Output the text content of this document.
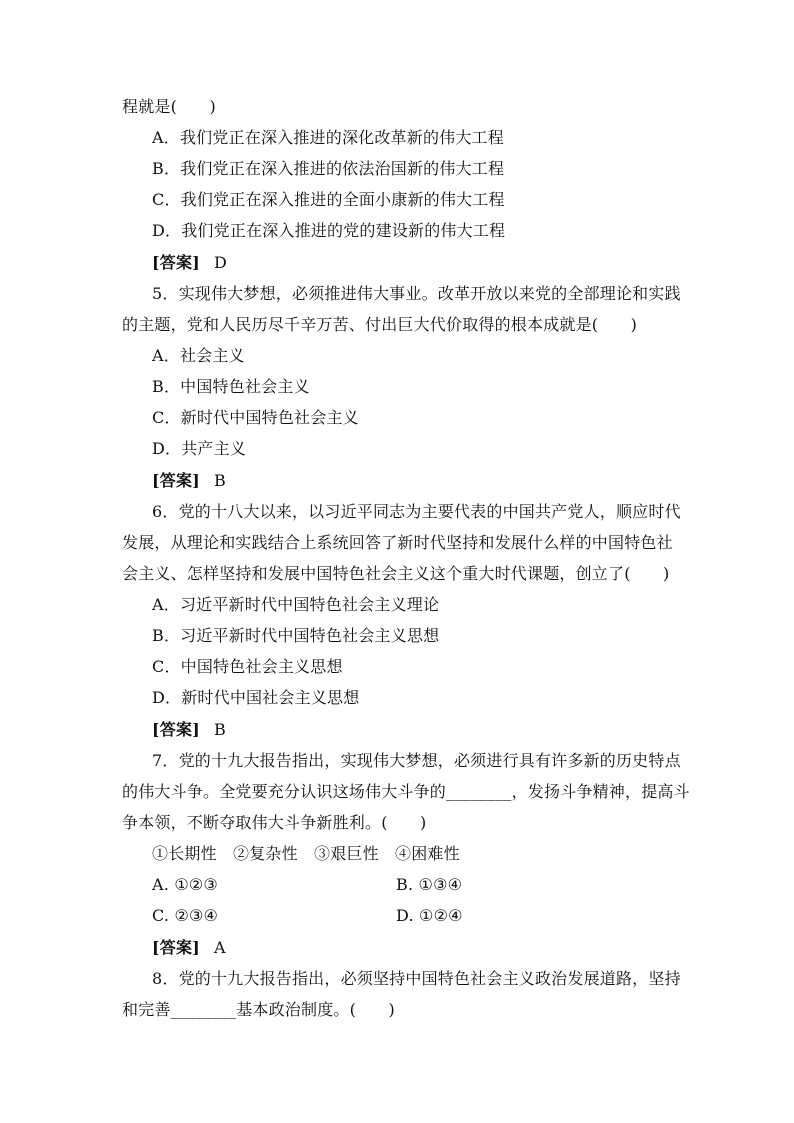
程就是(　　)
A．我们党正在深入推进的深化改革新的伟大工程
B．我们党正在深入推进的依法治国新的伟大工程
C．我们党正在深入推进的全面小康新的伟大工程
D．我们党正在深入推进的党的建设新的伟大工程
[答案] D
5．实现伟大梦想，必须推进伟大事业。改革开放以来党的全部理论和实践
的主题，党和人民历尽千辛万苦、付出巨大代价取得的根本成就是(　　)
A．社会主义
B．中国特色社会主义
C．新时代中国特色社会主义
D．共产主义
[答案] B
6．党的十八大以来，以习近平同志为主要代表的中国共产党人，顺应时代
发展，从理论和实践结合上系统回答了新时代坚持和发展什么样的中国特色社
会主义、怎样坚持和发展中国特色社会主义这个重大时代课题，创立了(　　)
A．习近平新时代中国特色社会主义理论
B．习近平新时代中国特色社会主义思想
C．中国特色社会主义思想
D．新时代中国社会主义思想
[答案] B
7．党的十九大报告指出，实现伟大梦想，必须进行具有许多新的历史特点
的伟大斗争。全党要充分认识这场伟大斗争的________，发扬斗争精神，提高斗
争本领，不断夺取伟大斗争新胜利。(　　)
①长期性　②复杂性　③艰巨性　④困难性
A. ①②③	B. ①③④
C. ②③④	D. ①②④
[答案] A
8．党的十九大报告指出，必须坚持中国特色社会主义政治发展道路，坚持
和完善________基本政治制度。(　　)
